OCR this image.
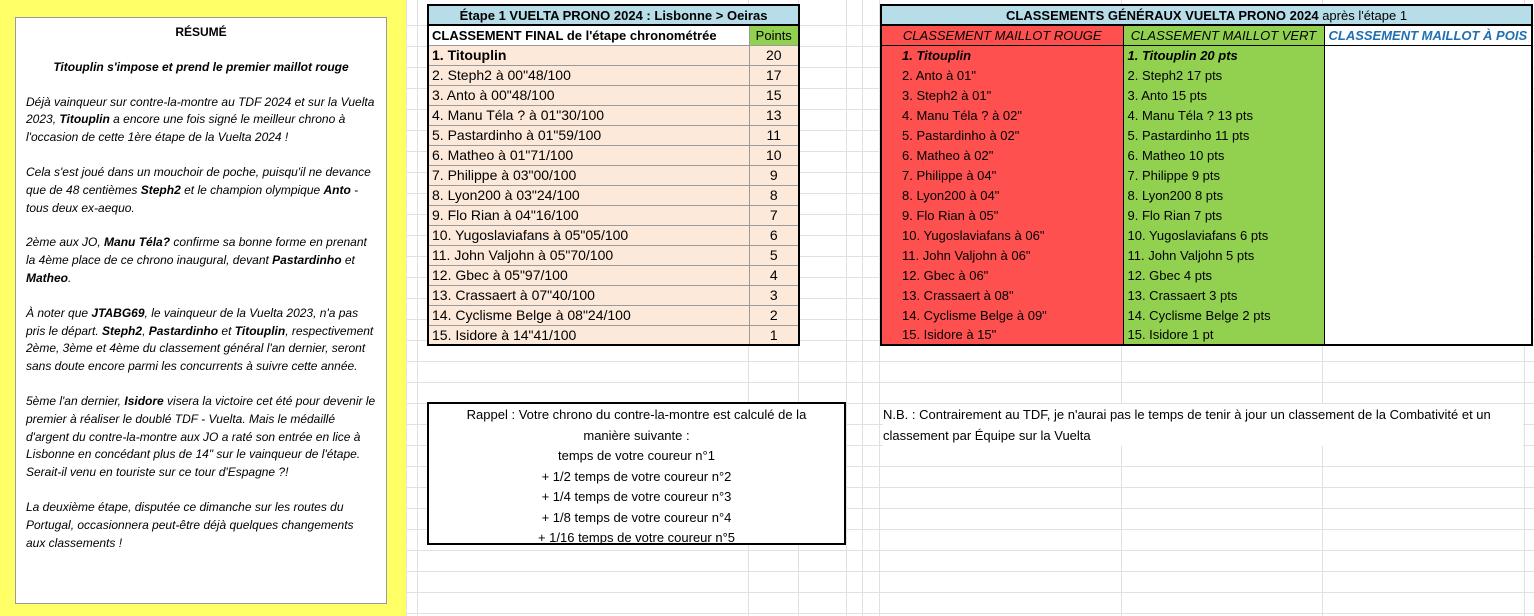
RÉSUMÉ
Titouplin s'impose et prend le premier maillot rouge

Déjà vainqueur sur contre-la-montre au TDF 2024 et sur la Vuelta 2023, Titouplin a encore une fois signé le meilleur chrono à l'occasion de cette 1ère étape de la Vuelta 2024 !

Cela s'est joué dans un mouchoir de poche, puisqu'il ne devance que de 48 centièmes Steph2 et le champion olympique Anto - tous deux ex-aequo.

2ème aux JO, Manu Téla? confirme sa bonne forme en prenant la 4ème place de ce chrono inaugural, devant Pastardinho et Matheo.

À noter que JTABG69, le vainqueur de la Vuelta 2023, n'a pas pris le départ. Steph2, Pastardinho et Titouplin, respectivement 2ème, 3ème et 4ème du classement général l'an dernier, seront sans doute encore parmi les concurrents à suivre cette année.

5ème l'an dernier, Isidore visera la victoire cet été pour devenir le premier à réaliser le doublé TDF - Vuelta. Mais le médaillé d'argent du contre-la-montre aux JO a raté son entrée en lice à Lisbonne en concédant plus de 14" sur le vainqueur de l'étape. Serait-il venu en touriste sur ce tour d'Espagne ?!

La deuxième étape, disputée ce dimanche sur les routes du Portugal, occasionnera peut-être déjà quelques changements aux classements !

Étape 1 VUELTA PRONO 2024 : Lisbonne > Oeiras	
CLASSEMENT FINAL de l'étape chronométrée	Points
1. Titouplin	20
2. Steph2 à 00"48/100	17
3. Anto à 00"48/100	15
4. Manu Téla ? à 01"30/100	13
5. Pastardinho à 01"59/100	11
6. Matheo à 01"71/100	10
7. Philippe à 03"00/100	9
8. Lyon200 à 03"24/100	8
9. Flo Rian à 04"16/100	7
10. Yugoslaviafans à 05"05/100	6
11. John Valjohn à 05"70/100	5
12. Gbec à 05"97/100	4
13. Crassaert à 07"40/100	3
14. Cyclisme Belge à 08"24/100	2
15. Isidore à 14"41/100	1
CLASSEMENTS GÉNÉRAUX VUELTA PRONO 2024 après l'étape 1		
CLASSEMENT MAILLOT ROUGE	CLASSEMENT MAILLOT VERT	CLASSEMENT MAILLOT À POIS
1. Titouplin	1. Titouplin 20 pts	
2. Anto à 01"	2. Steph2 17 pts	
3. Steph2 à 01"	3. Anto 15 pts	
4. Manu Téla ? à 02"	4. Manu Téla ? 13 pts	
5. Pastardinho à 02"	5. Pastardinho 11 pts	
6. Matheo à 02"	6. Matheo 10 pts	
7. Philippe à 04"	7. Philippe 9 pts	
8. Lyon200 à 04"	8. Lyon200 8 pts	
9. Flo Rian à 05"	9. Flo Rian 7 pts	
10. Yugoslaviafans à 06"	10. Yugoslaviafans 6 pts	
11. John Valjohn à 06"	11. John Valjohn 5 pts	
12. Gbec à 06"	12. Gbec 4 pts	
13. Crassaert à 08"	13. Crassaert 3 pts	
14. Cyclisme Belge à 09"	14. Cyclisme Belge 2 pts	
15. Isidore à 15"	15. Isidore 1 pt	
Rappel : Votre chrono du contre-la-montre est calculé de la
manière suivante :
temps de votre coureur n°1
+ 1/2 temps de votre coureur n°2
+ 1/4 temps de votre coureur n°3
+ 1/8 temps de votre coureur n°4
+ 1/16 temps de votre coureur n°5
N.B. : Contrairement au TDF, je n'aurai pas le temps de tenir à jour un classement de la Combativité et un classement par Équipe sur la Vuelta
